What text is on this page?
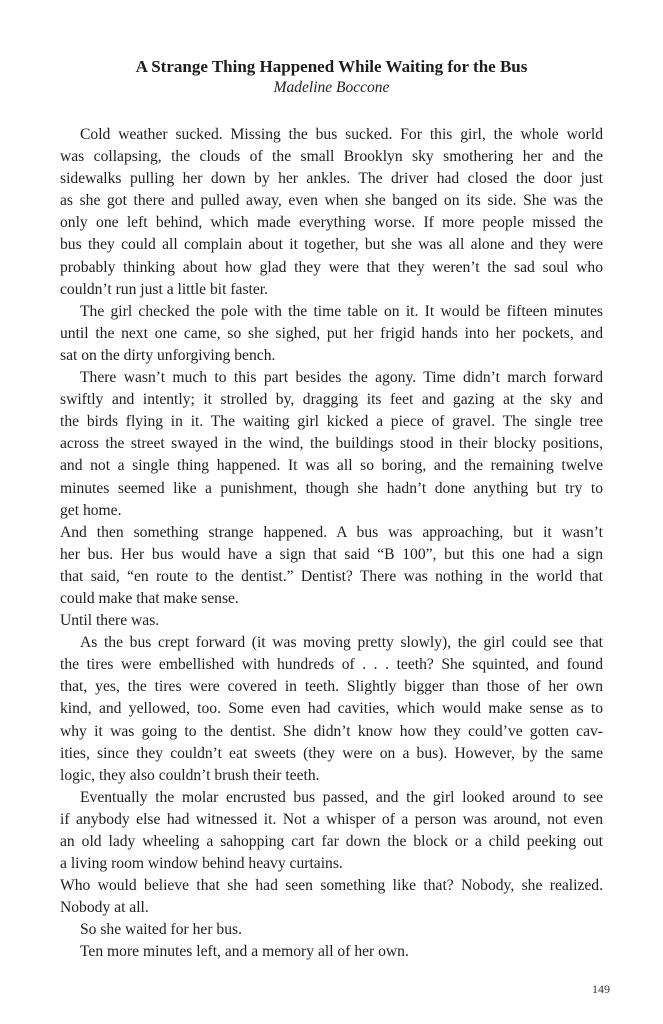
A Strange Thing Happened While Waiting for the Bus
Madeline Boccone
Cold weather sucked. Missing the bus sucked. For this girl, the whole world
was collapsing, the clouds of the small Brooklyn sky smothering her and the
sidewalks pulling her down by her ankles. The driver had closed the door just
as she got there and pulled away, even when she banged on its side. She was the
only one left behind, which made everything worse. If more people missed the
bus they could all complain about it together, but she was all alone and they were
probably thinking about how glad they were that they weren’t the sad soul who
couldn’t run just a little bit faster.
The girl checked the pole with the time table on it. It would be fifteen minutes
until the next one came, so she sighed, put her frigid hands into her pockets, and
sat on the dirty unforgiving bench.
There wasn’t much to this part besides the agony. Time didn’t march forward
swiftly and intently; it strolled by, dragging its feet and gazing at the sky and
the birds flying in it. The waiting girl kicked a piece of gravel. The single tree
across the street swayed in the wind, the buildings stood in their blocky positions,
and not a single thing happened. It was all so boring, and the remaining twelve
minutes seemed like a punishment, though she hadn’t done anything but try to
get home.
And then something strange happened. A bus was approaching, but it wasn’t
her bus. Her bus would have a sign that said “B 100”, but this one had a sign
that said, “en route to the dentist.” Dentist? There was nothing in the world that
could make that make sense.
Until there was.
As the bus crept forward (it was moving pretty slowly), the girl could see that
the tires were embellished with hundreds of . . . teeth? She squinted, and found
that, yes, the tires were covered in teeth. Slightly bigger than those of her own
kind, and yellowed, too. Some even had cavities, which would make sense as to
why it was going to the dentist. She didn’t know how they could’ve gotten cav-
ities, since they couldn’t eat sweets (they were on a bus). However, by the same
logic, they also couldn’t brush their teeth.
Eventually the molar encrusted bus passed, and the girl looked around to see
if anybody else had witnessed it. Not a whisper of a person was around, not even
an old lady wheeling a sahopping cart far down the block or a child peeking out
a living room window behind heavy curtains.
Who would believe that she had seen something like that? Nobody, she realized.
Nobody at all.
So she waited for her bus.
Ten more minutes left, and a memory all of her own.
149
